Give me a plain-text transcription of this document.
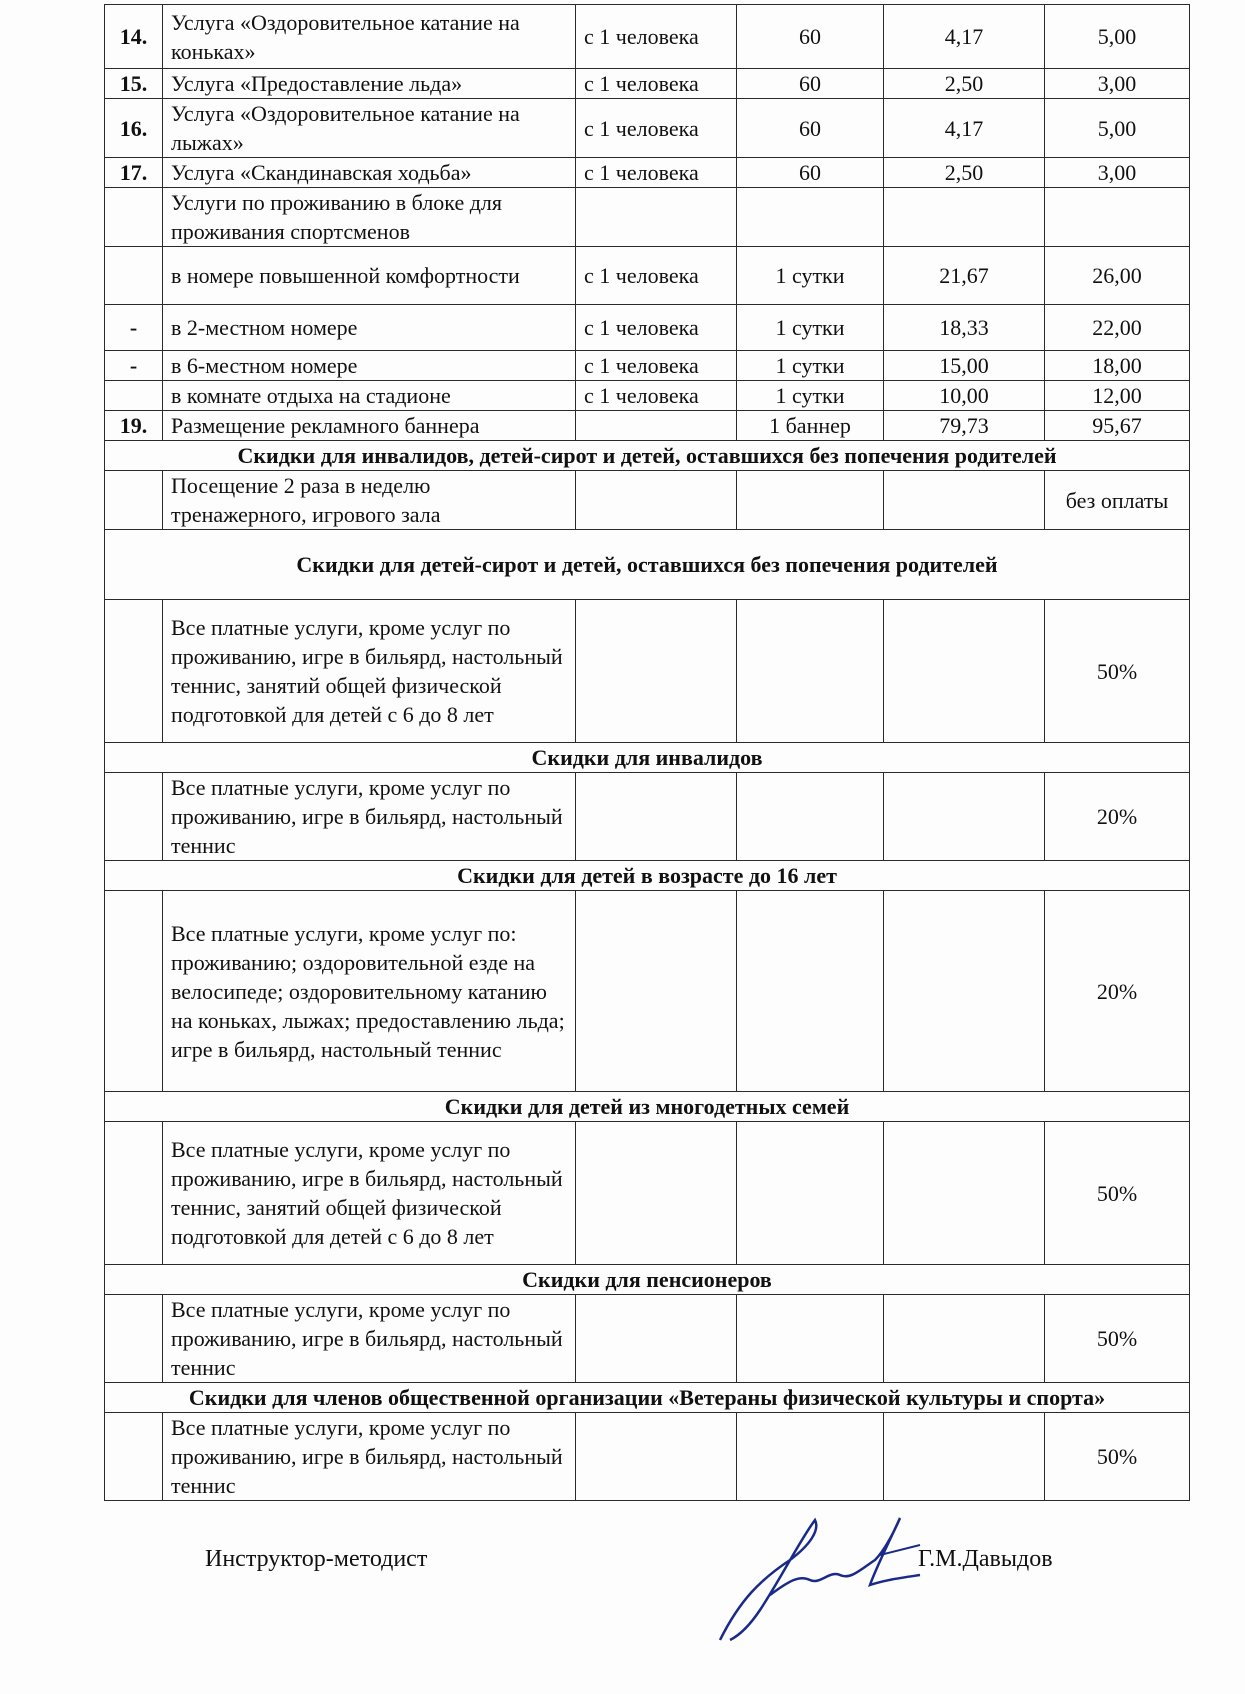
14.	Услуга «Оздоровительное катание на коньках»	с 1 человека	60	4,17	5,00
15.	Услуга «Предоставление льда»	с 1 человека	60	2,50	3,00
16.	Услуга «Оздоровительное катание на лыжах»	с 1 человека	60	4,17	5,00
17.	Услуга «Скандинавская ходьба»	с 1 человека	60	2,50	3,00
	Услуги по проживанию в блоке для проживания спортсменов				
	в номере повышенной комфортности	с 1 человека	1 сутки	21,67	26,00
-	в 2-местном номере	с 1 человека	1 сутки	18,33	22,00
-	в 6-местном номере	с 1 человека	1 сутки	15,00	18,00
	в комнате отдыха на стадионе	с 1 человека	1 сутки	10,00	12,00
19.	Размещение рекламного баннера		1 баннер	79,73	95,67
Скидки для инвалидов, детей-сирот и детей, оставшихся без попечения родителей					
	Посещение 2 раза в неделю тренажерного, игрового зала				без оплаты
Скидки для детей-сирот и детей, оставшихся без попечения родителей					
	Все платные услуги, кроме услуг по проживанию, игре в бильярд, настольный теннис, занятий общей физической подготовкой для детей с 6 до 8 лет				50%
Скидки для инвалидов					
	Все платные услуги, кроме услуг по проживанию, игре в бильярд, настольный теннис				20%
Скидки для детей в возрасте до 16 лет					
	Все платные услуги, кроме услуг по: проживанию; оздоровительной езде на велосипеде; оздоровительному катанию на коньках, лыжах; предоставлению льда; игре в бильярд, настольный теннис				20%
Скидки для детей из многодетных семей					
	Все платные услуги, кроме услуг по проживанию, игре в бильярд, настольный теннис, занятий общей физической подготовкой для детей с 6 до 8 лет				50%
Скидки для пенсионеров					
	Все платные услуги, кроме услуг по проживанию, игре в бильярд, настольный теннис				50%
Скидки для членов общественной организации «Ветераны физической культуры и спорта»					
	Все платные услуги, кроме услуг по проживанию, игре в бильярд, настольный теннис				50%
Инструктор-методист	Г.М.Давыдов
